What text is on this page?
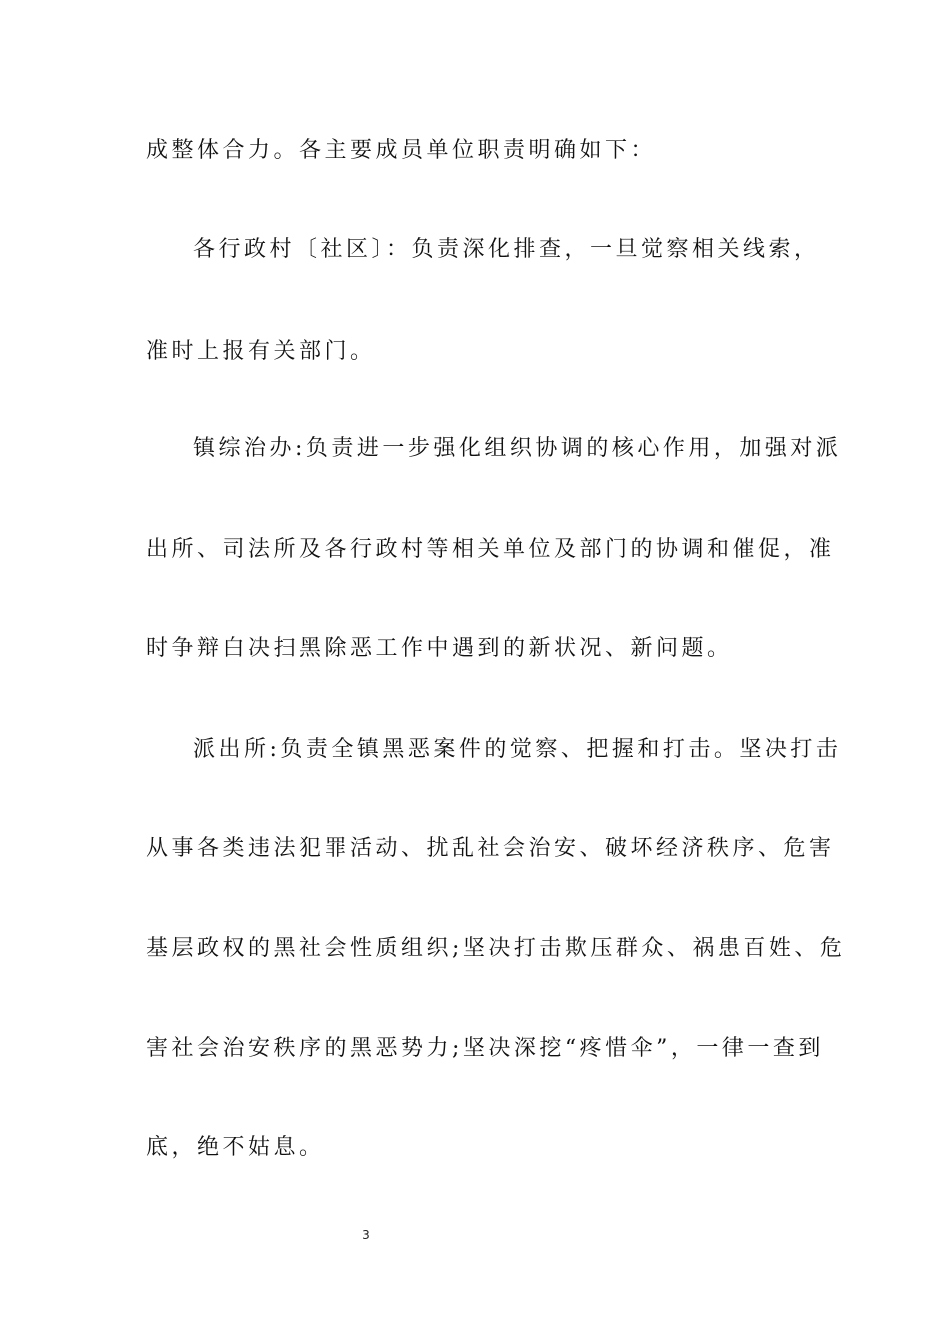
成整体合力。各主要成员单位职责明确如下：
各行政村〔社区〕：负责深化排查，一旦觉察相关线索，
准时上报有关部门。
镇综治办:负责进一步强化组织协调的核心作用，加强对派
出所、司法所及各行政村等相关单位及部门的协调和催促，准
时争辩白决扫黑除恶工作中遇到的新状况、新问题。
派出所:负责全镇黑恶案件的觉察、把握和打击。坚决打击
从事各类违法犯罪活动、扰乱社会治安、破坏经济秩序、危害
基层政权的黑社会性质组织;坚决打击欺压群众、祸患百姓、危
害社会治安秩序的黑恶势力;坚决深挖“疼惜伞”，一律一查到
底，绝不姑息。
3
